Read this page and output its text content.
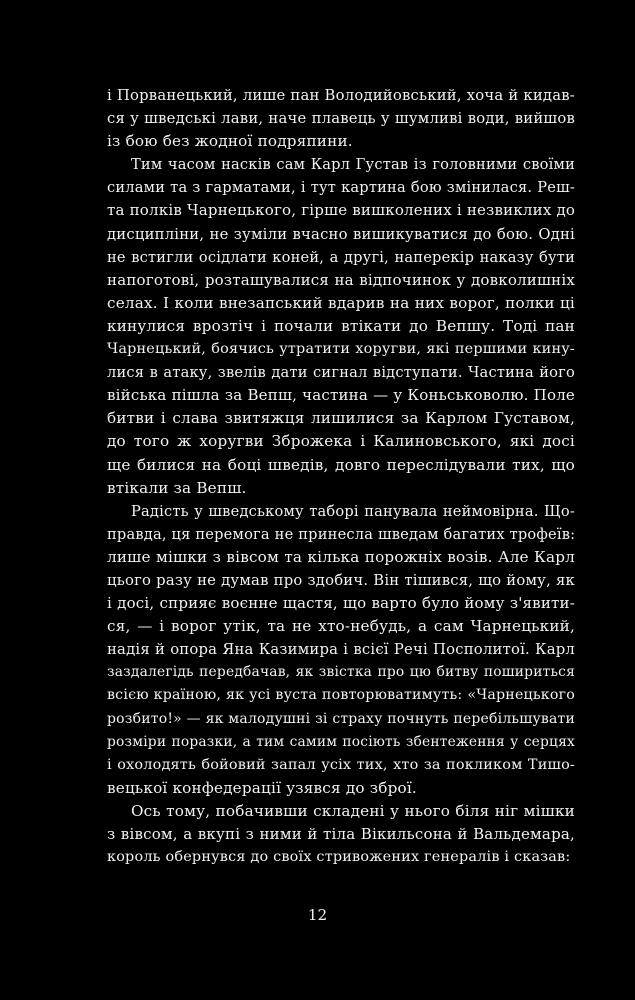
і Порванецький, лише пан Володийовський, хоча й кидав-
ся у шведські лави, наче плавець у шумливі води, вийшов
із бою без жодної подряпини.

Тим часом насків сам Карл Густав із головними своїми
силами та з гарматами, і тут картина бою змінилася. Реш-
та полків Чарнецького, гірше вишколених і незвиклих до
дисципліни, не зуміли вчасно вишикуватися до бою. Одні
не встигли осідлати коней, а другі, наперекір наказу бути
напоготові, розташувалися на відпочинок у довколишніх
селах. І коли внезапський вдарив на них ворог, полки ці
кинулися врозтіч і почали втікати до Вепшу. Тоді пан
Чарнецький, боячись утратити хоругви, які першими кину-
лися в атаку, звелів дати сигнал відступати. Частина його
війська пішла за Вепш, частина — у Коньськоволю. Поле
битви і слава звитяжця лишилися за Карлом Густавом,
до того ж хоругви Зброжека і Калиновського, які досі
ще билися на боці шведів, довго переслідували тих, що
втікали за Вепш.

Радість у шведському таборі панувала неймовірна. Що-
правда, ця перемога не принесла шведам багатих трофеїв:
лише мішки з вівсом та кілька порожніх возів. Але Карл
цього разу не думав про здобич. Він тішився, що йому, як
і досі, сприяє воєнне щастя, що варто було йому з'явити-
ся, — і ворог утік, та не хто-небудь, а сам Чарнецький,
надія й опора Яна Казимира і всієї Речі Посполитої. Карл
заздалегідь передбачав, як звістка про цю битву пошириться
всією країною, як усі вуста повторюватимуть: «Чарнецького
розбито!» — як малодушні зі страху почнуть перебільшувати
розміри поразки, а тим самим посіють збентеження у серцях
і охолодять бойовий запал усіх тих, хто за покликом Тишо-
вецької конфедерації узявся до зброї.

Ось тому, побачивши складені у нього біля ніг мішки
з вівсом, а вкупі з ними й тіла Вікильсона й Вальдемара,
король обернувся до своїх стривожених генералів і сказав:

12
